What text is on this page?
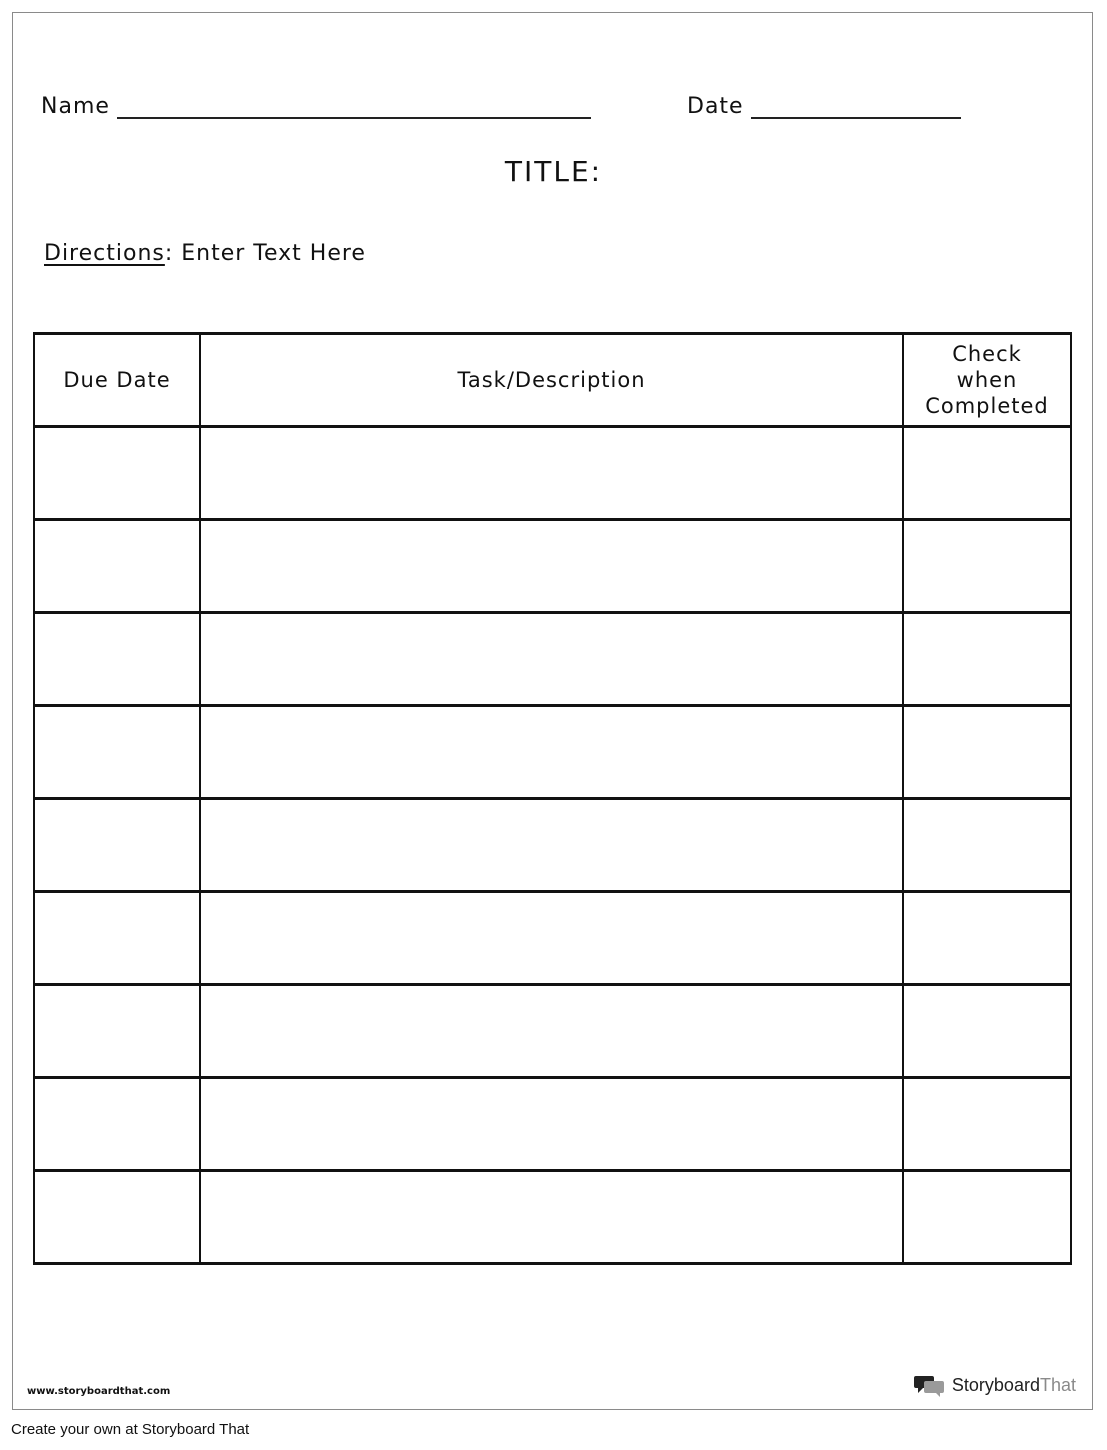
Name	Date
TITLE:
Directions: Enter Text Here
Due Date	Task/Description	Check
when
Completed

www.storyboardthat.com	Storyboard That
Create your own at Storyboard That
